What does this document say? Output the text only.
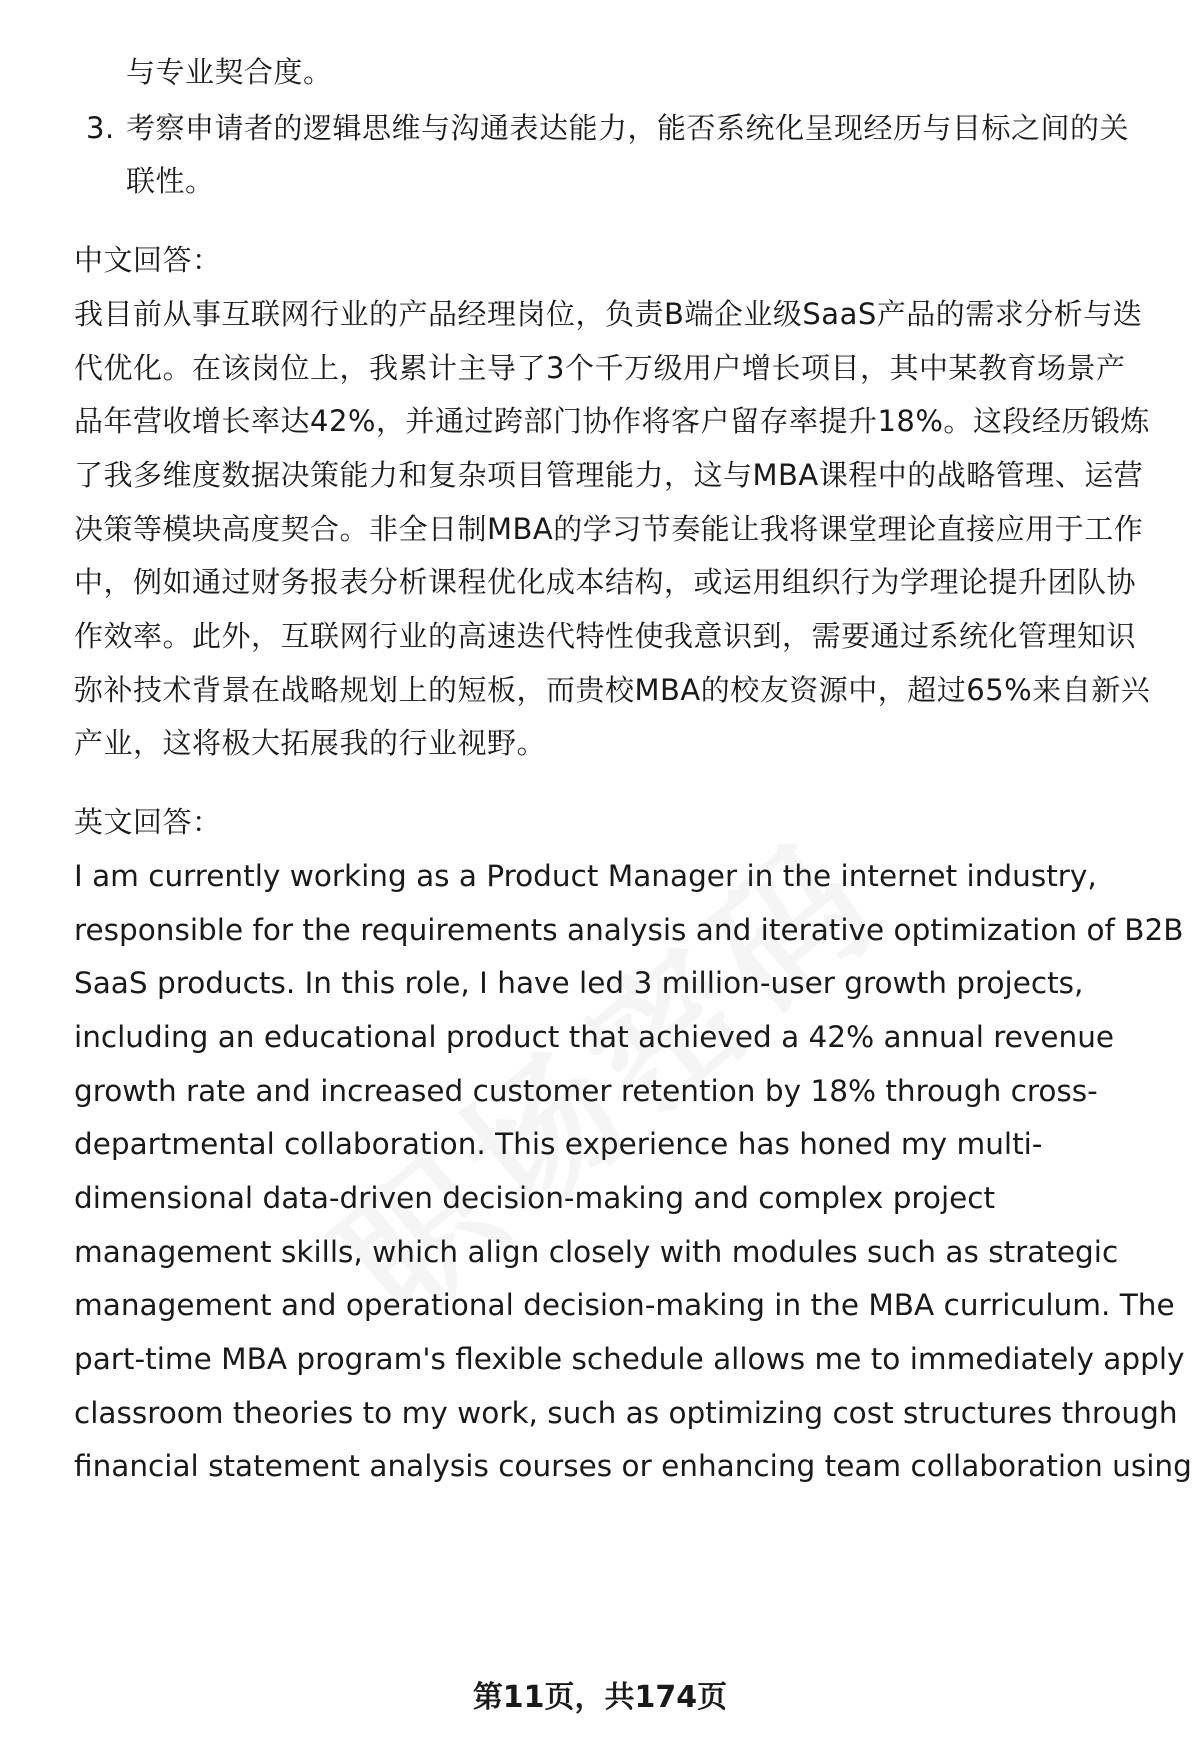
与专业契合度。
3. 考察申请者的逻辑思维与沟通表达能力，能否系统化呈现经历与目标之间的关
联性。
中文回答：
我目前从事互联网行业的产品经理岗位，负责B端企业级SaaS产品的需求分析与迭
代优化。在该岗位上，我累计主导了3个千万级用户增长项目，其中某教育场景产
品年营收增长率达42%，并通过跨部门协作将客户留存率提升18%。这段经历锻炼
了我多维度数据决策能力和复杂项目管理能力，这与MBA课程中的战略管理、运营
决策等模块高度契合。非全日制MBA的学习节奏能让我将课堂理论直接应用于工作
中，例如通过财务报表分析课程优化成本结构，或运用组织行为学理论提升团队协
作效率。此外，互联网行业的高速迭代特性使我意识到，需要通过系统化管理知识
弥补技术背景在战略规划上的短板，而贵校MBA的校友资源中，超过65%来自新兴
产业，这将极大拓展我的行业视野。
英文回答：
I am currently working as a Product Manager in the internet industry,
responsible for the requirements analysis and iterative optimization of B2B
SaaS products. In this role, I have led 3 million-user growth projects,
including an educational product that achieved a 42% annual revenue
growth rate and increased customer retention by 18% through cross-
departmental collaboration. This experience has honed my multi-
dimensional data-driven decision-making and complex project
management skills, which align closely with modules such as strategic
management and operational decision-making in the MBA curriculum. The
part-time MBA program's flexible schedule allows me to immediately apply
classroom theories to my work, such as optimizing cost structures through
financial statement analysis courses or enhancing team collaboration using
第11页，共174页
